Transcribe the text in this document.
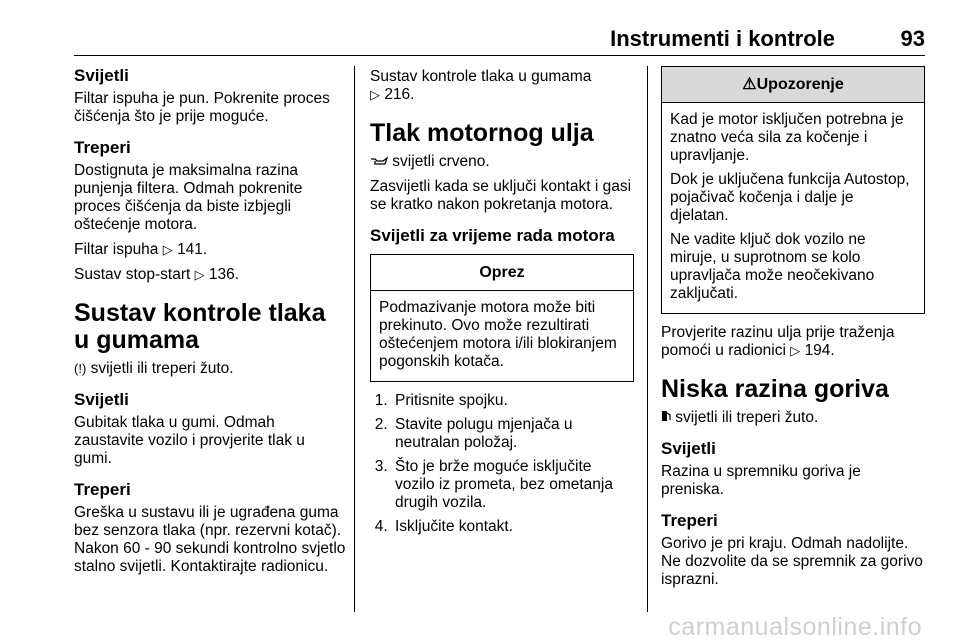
Instrumenti i kontrole	93
Svijetli

Filtar ispuha je pun. Pokrenite proces čišćenja što je prije moguće.

Treperi

Dostignuta je maksimalna razina punjenja filtera. Odmah pokrenite proces čišćenja da biste izbjegli oštećenje motora.

Filtar ispuha ▷ 141.

Sustav stop-start ▷ 136.

Sustav kontrole tlaka u gumama

(!) svijetli ili treperi žuto.

Svijetli

Gubitak tlaka u gumi. Odmah zaustavite vozilo i provjerite tlak u gumi.

Treperi

Greška u sustavu ili je ugrađena guma bez senzora tlaka (npr. rezervni kotač). Nakon 60 - 90 sekundi kontrolno svjetlo stalno svijetli. Kontaktirajte radionicu.

Sustav kontrole tlaka u gumama
▷ 216.

Tlak motornog ulja

svijetli crveno.

Zasvijetli kada se uključi kontakt i gasi se kratko nakon pokretanja motora.

Svijetli za vrijeme rada motora
Oprez

Podmazivanje motora može biti prekinuto. Ovo može rezultirati oštećenjem motora i/ili blokiranjem pogonskih kotača.

1. Pritisnite spojku.
2. Stavite polugu mjenjača u neutralan položaj.
3. Što je brže moguće isključite vozilo iz prometa, bez ometanja drugih vozila.
4. Isključite kontakt.
⚠Upozorenje

Kad je motor isključen potrebna je znatno veća sila za kočenje i upravljanje.

Dok je uključena funkcija Autostop, pojačivač kočenja i dalje je djelatan.

Ne vadite ključ dok vozilo ne miruje, u suprotnom se kolo upravljača može neočekivano zaključati.

Provjerite razinu ulja prije traženja pomoći u radionici ▷ 194.

Niska razina goriva

svijetli ili treperi žuto.

Svijetli

Razina u spremniku goriva je preniska.

Treperi

Gorivo je pri kraju. Odmah nadolijte. Ne dozvolite da se spremnik za gorivo isprazni.

carmanualsonline.info
